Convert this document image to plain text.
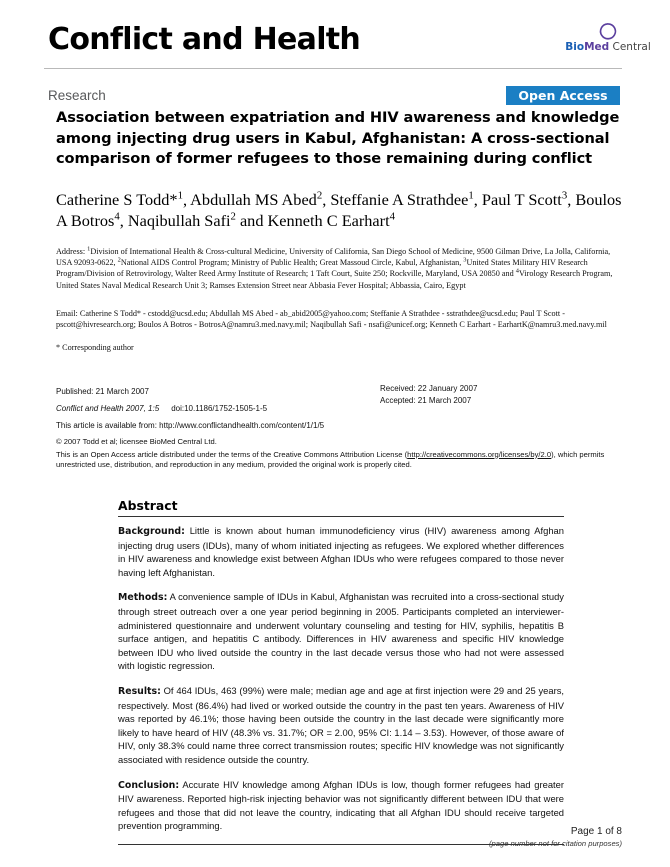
Conflict and Health	BioMed Central
Research	Open Access
Association between expatriation and HIV awareness and knowledge among injecting drug users in Kabul, Afghanistan: A cross-sectional comparison of former refugees to those remaining during conflict
Catherine S Todd*$^1$, Abdullah MS Abed$^2$, Steffanie A Strathdee$^1$, Paul T Scott$^3$, Boulos A Botros$^4$, Naqibullah Safi$^2$ and Kenneth C Earhart$^4$
Address: $^1$Division of International Health & Cross-cultural Medicine, University of California, San Diego School of Medicine, 9500 Gilman Drive, La Jolla, California, USA 92093-0622, $^2$National AIDS Control Program; Ministry of Public Health; Great Massoud Circle, Kabul, Afghanistan, $^3$United States Military HIV Research Program/Division of Retrovirology, Walter Reed Army Institute of Research; 1 Taft Court, Suite 250; Rockville, Maryland, USA 20850 and $^4$Virology Research Program, United States Naval Medical Research Unit 3; Ramses Extension Street near Abbasia Fever Hospital; Abbassia, Cairo, Egypt
Email: Catherine S Todd* - cstodd@ucsd.edu; Abdullah MS Abed - ab_abid2005@yahoo.com; Steffanie A Strathdee - sstrathdee@ucsd.edu; Paul T Scott - pscott@hivresearch.org; Boulos A Botros - BotrosA@namru3.med.navy.mil; Naqibullah Safi - nsafi@unicef.org; Kenneth C Earhart - EarhartK@namru3.med.navy.mil
* Corresponding author
Published: 21 March 2007
Conflict and Health 2007, 1:5 doi:10.1186/1752-1505-1-5
This article is available from: http://www.conflictandhealth.com/content/1/1/5
Received: 22 January 2007
Accepted: 21 March 2007
© 2007 Todd et al; licensee BioMed Central Ltd.
This is an Open Access article distributed under the terms of the Creative Commons Attribution License (http://creativecommons.org/licenses/by/2.0), which permits unrestricted use, distribution, and reproduction in any medium, provided the original work is properly cited.
Abstract
Background: Little is known about human immunodeficiency virus (HIV) awareness among Afghan injecting drug users (IDUs), many of whom initiated injecting as refugees. We explored whether differences in HIV awareness and knowledge exist between Afghan IDUs who were refugees compared to those never having left Afghanistan.
Methods: A convenience sample of IDUs in Kabul, Afghanistan was recruited into a cross-sectional study through street outreach over a one year period beginning in 2005. Participants completed an interviewer-administered questionnaire and underwent voluntary counseling and testing for HIV, syphilis, hepatitis B surface antigen, and hepatitis C antibody. Differences in HIV awareness and specific HIV knowledge between IDU who lived outside the country in the last decade versus those who had not were assessed with logistic regression.
Results: Of 464 IDUs, 463 (99%) were male; median age and age at first injection were 29 and 25 years, respectively. Most (86.4%) had lived or worked outside the country in the past ten years. Awareness of HIV was reported by 46.1%; those having been outside the country in the last decade were significantly more likely to have heard of HIV (48.3% vs. 31.7%; OR = 2.00, 95% CI: 1.14 – 3.53). However, of those aware of HIV, only 38.3% could name three correct transmission routes; specific HIV knowledge was not significantly associated with residence outside the country.
Conclusion: Accurate HIV knowledge among Afghan IDUs is low, though former refugees had greater HIV awareness. Reported high-risk injecting behavior was not significantly different between IDU that were refugees and those that did not leave the country, indicating that all Afghan IDU should receive targeted prevention programming.
Page 1 of 8
(page number not for citation purposes)
